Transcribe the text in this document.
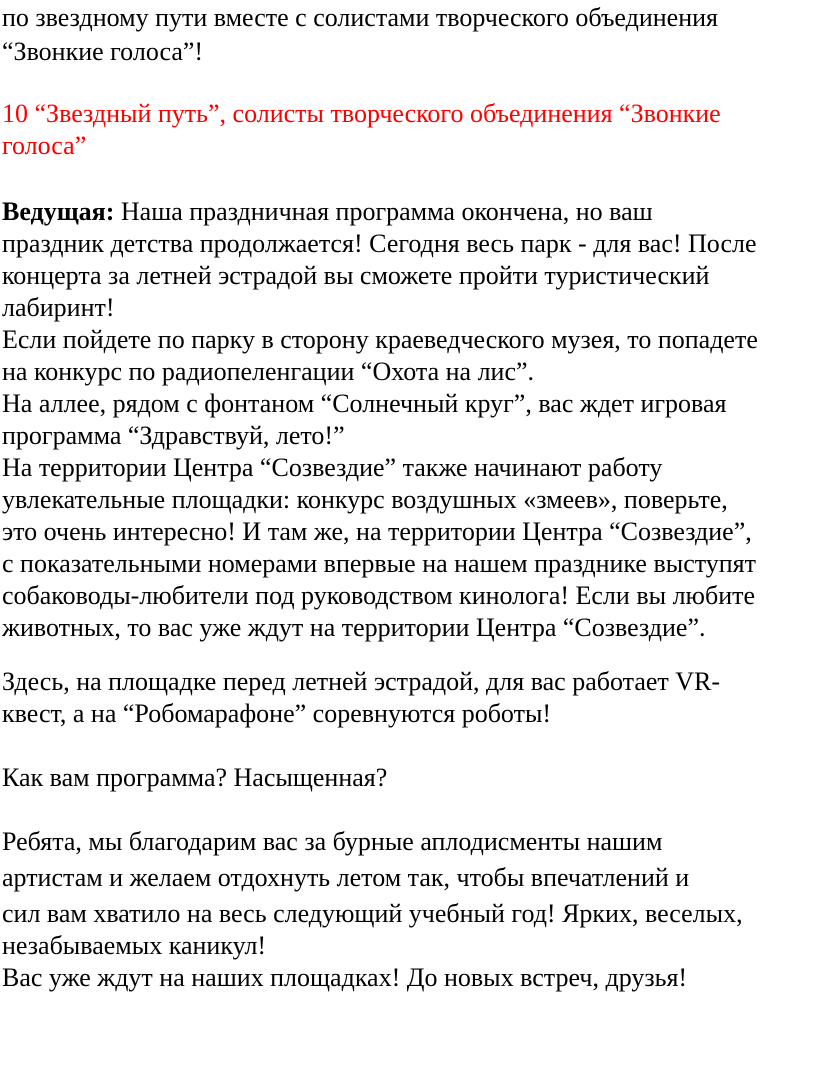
по звездному пути вместе с солистами творческого объединения
“Звонкие голоса”!
10 “Звездный путь”, солисты творческого объединения “Звонкие
голоса”
Ведущая: Наша праздничная программа окончена, но ваш
праздник детства продолжается! Сегодня весь парк - для вас! После
концерта за летней эстрадой вы сможете пройти туристический
лабиринт!
Если пойдете по парку в сторону краеведческого музея, то попадете
на конкурс по радиопеленгации “Охота на лис”.
На аллее, рядом с фонтаном “Солнечный круг”, вас ждет игровая
программа “Здравствуй, лето!”
На территории Центра “Созвездие” также начинают работу
увлекательные площадки: конкурс воздушных «змеев», поверьте,
это очень интересно! И там же, на территории Центра “Созвездие”,
с показательными номерами впервые на нашем празднике выступят
собаководы-любители под руководством кинолога! Если вы любите
животных, то вас уже ждут на территории Центра “Созвездие”.
Здесь, на площадке перед летней эстрадой, для вас работает VR-
квест, а на “Робомарафоне” соревнуются роботы!
Как вам программа? Насыщенная?
Ребята, мы благодарим вас за бурные аплодисменты нашим
артистам и желаем отдохнуть летом так, чтобы впечатлений и
сил вам хватило на весь следующий учебный год! Ярких, веселых,
незабываемых каникул!
Вас уже ждут на наших площадках! До новых встреч, друзья!
